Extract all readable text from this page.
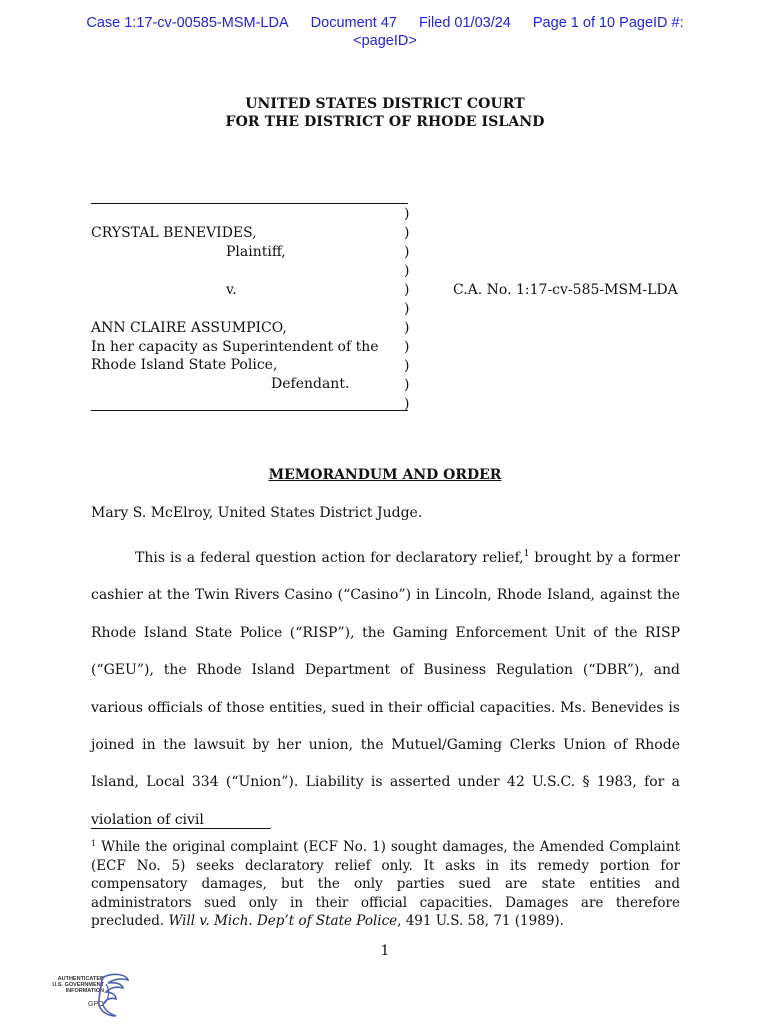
Case 1:17-cv-00585-MSM-LDA Document 47 Filed 01/03/24 Page 1 of 10 PageID #:
<pageID>
UNITED STATES DISTRICT COURT
FOR THE DISTRICT OF RHODE ISLAND
CRYSTAL BENEVIDES,
Plaintiff,
v.
ANN CLAIRE ASSUMPICO,
In her capacity as Superintendent of the
Rhode Island State Police,
Defendant.
)
)
)
)
)
)
)
)
)
)
)
C.A. No. 1:17-cv-585-MSM-LDA
MEMORANDUM AND ORDER
Mary S. McElroy, United States District Judge.

This is a federal question action for declaratory relief,$^1$ brought by a former cashier at the Twin Rivers Casino (“Casino”) in Lincoln, Rhode Island, against the Rhode Island State Police (“RISP”), the Gaming Enforcement Unit of the RISP (“GEU”), the Rhode Island Department of Business Regulation (“DBR”), and various officials of those entities, sued in their official capacities. Ms. Benevides is joined in the lawsuit by her union, the Mutuel/Gaming Clerks Union of Rhode Island, Local 334 (“Union”). Liability is asserted under 42 U.S.C. § 1983, for a violation of civil

$^1$ While the original complaint (ECF No. 1) sought damages, the Amended Complaint (ECF No. 5) seeks declaratory relief only. It asks in its remedy portion for compensatory damages, but the only parties sued are state entities and administrators sued only in their official capacities. Damages are therefore precluded. Will v. Mich. Dep’t of State Police, 491 U.S. 58, 71 (1989).

1
AUTHENTICATED
U.S. GOVERNMENT
INFORMATION
GPO
